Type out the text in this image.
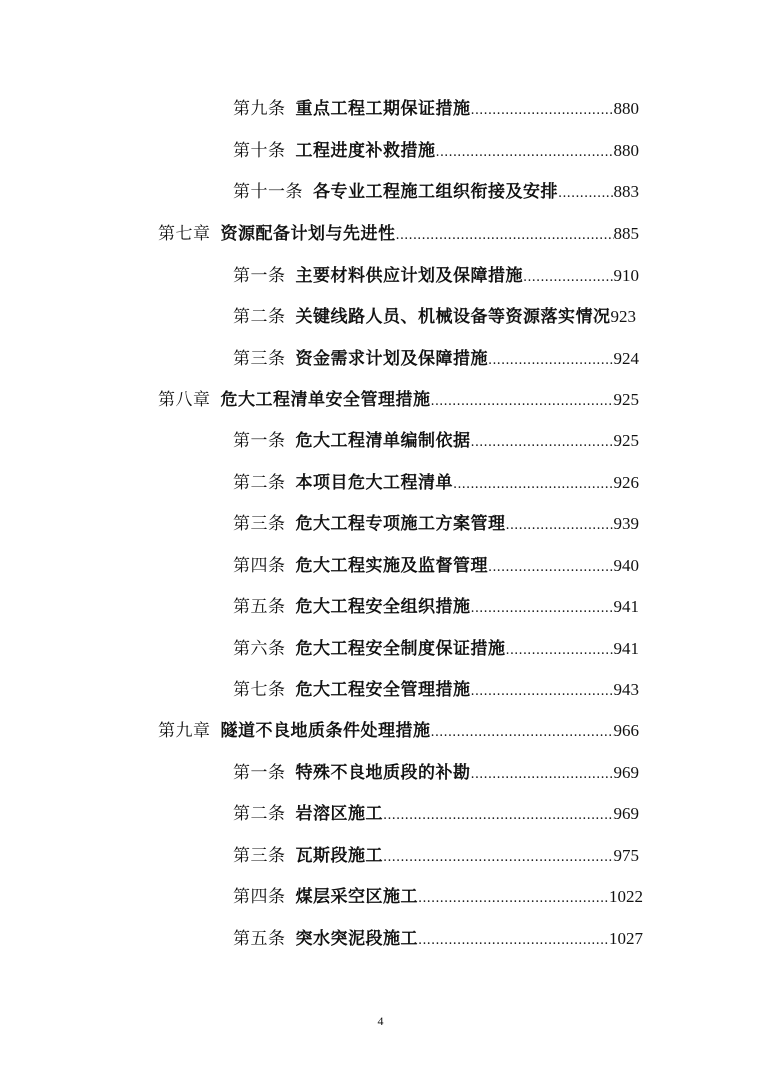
第九条 重点工程工期保证措施 .....	880
第十条 工程进度补救措施 .....	880
第十一条 各专业工程施工组织衔接及安排 .....	883
第七章 资源配备计划与先进性 .....	885
第一条 主要材料供应计划及保障措施 .....	910
第二条 关键线路人员、机械设备等资源落实情况 923
第三条 资金需求计划及保障措施 .....	924
第八章 危大工程清单安全管理措施 .....	925
第一条 危大工程清单编制依据 .....	925
第二条 本项目危大工程清单 .....	926
第三条 危大工程专项施工方案管理 .....	939
第四条 危大工程实施及监督管理 .....	940
第五条 危大工程安全组织措施 .....	941
第六条 危大工程安全制度保证措施 .....	941
第七条 危大工程安全管理措施 .....	943
第九章 隧道不良地质条件处理措施 .....	966
第一条 特殊不良地质段的补勘 .....	969
第二条 岩溶区施工 .....	969
第三条 瓦斯段施工 .....	975
第四条 煤层采空区施工 .....	1022
第五条 突水突泥段施工 .....	1027
4
